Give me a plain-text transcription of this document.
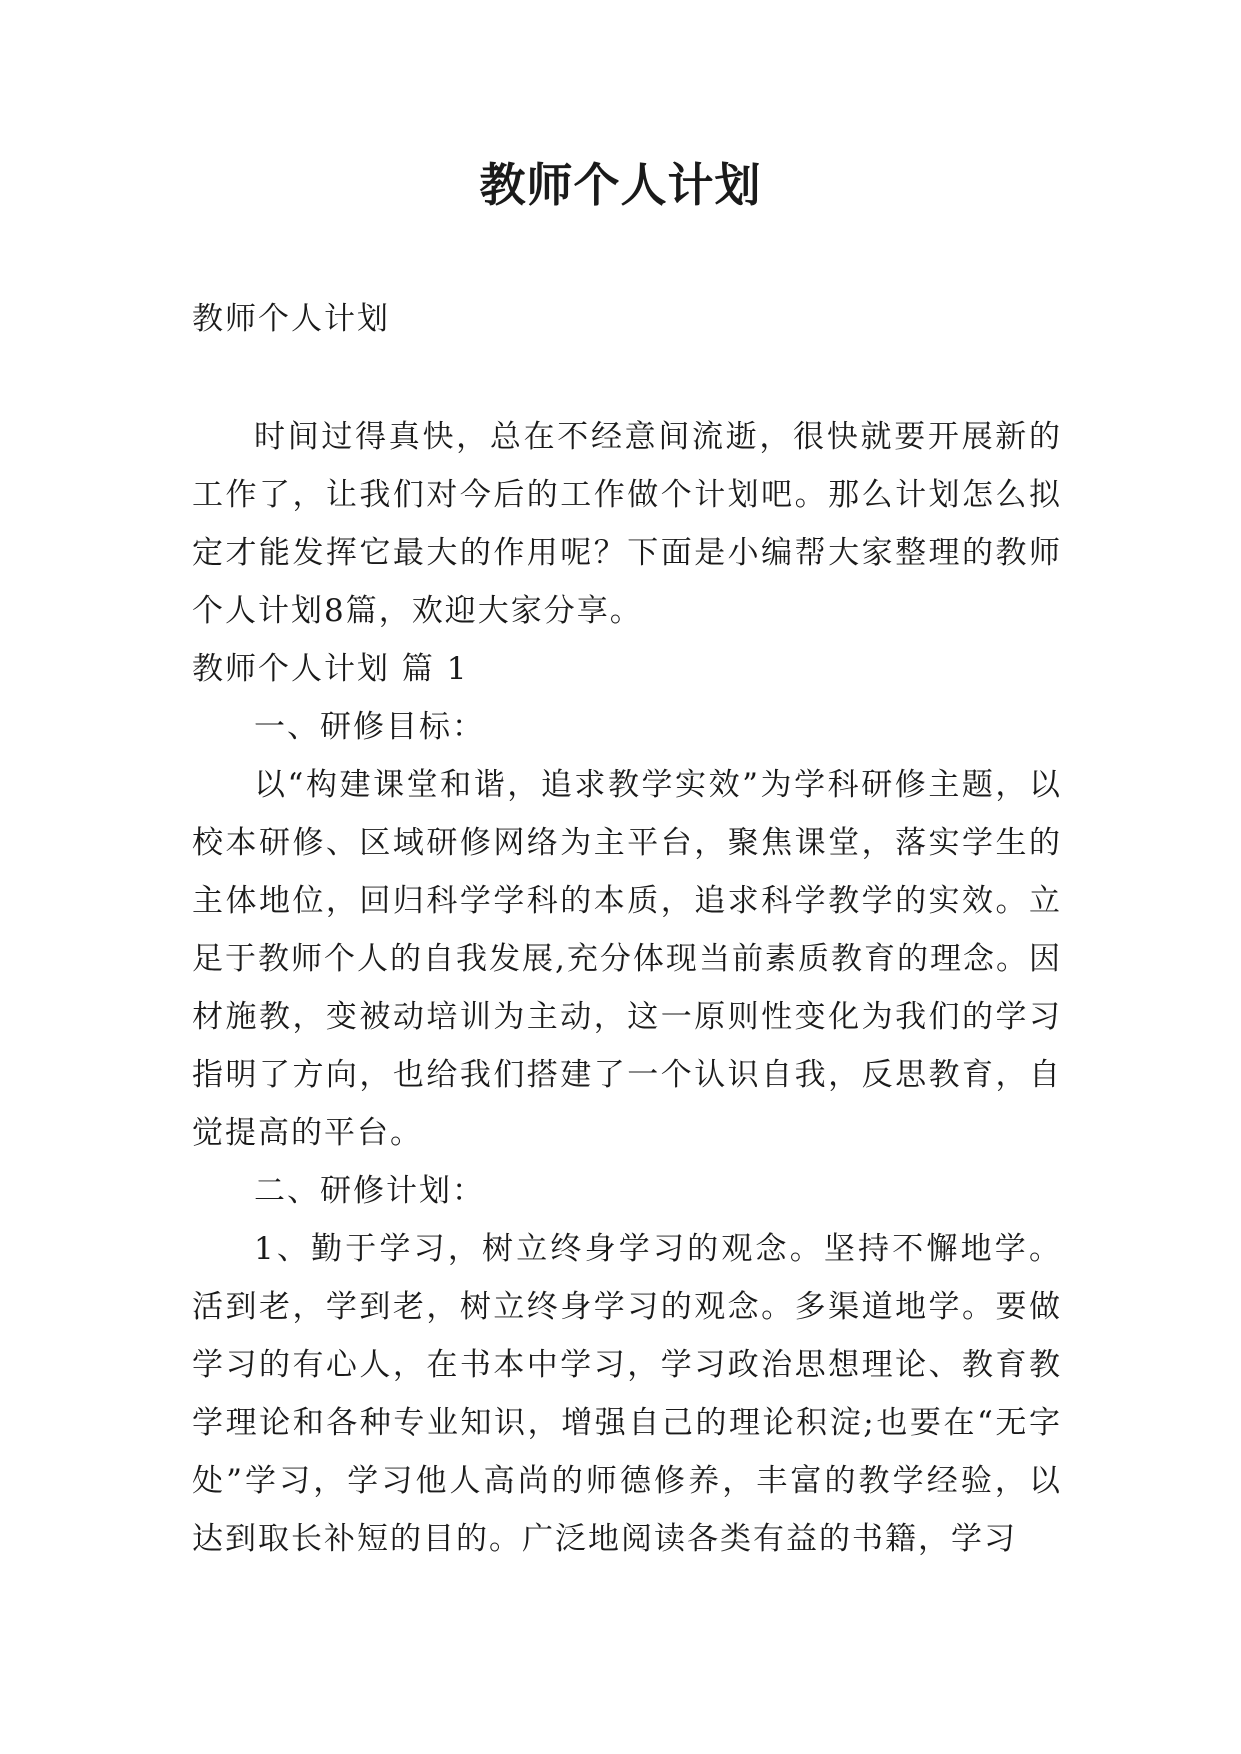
教师个人计划
教师个人计划

时间过得真快，总在不经意间流逝，很快就要开展新的工作了，让我们对今后的工作做个计划吧。那么计划怎么拟定才能发挥它最大的作用呢？下面是小编帮大家整理的教师个人计划8篇，欢迎大家分享。

教师个人计划 篇 1

一、研修目标：

以“构建课堂和谐，追求教学实效”为学科研修主题，以校本研修、区域研修网络为主平台，聚焦课堂，落实学生的主体地位，回归科学学科的本质，追求科学教学的实效。立足于教师个人的自我发展,充分体现当前素质教育的理念。因材施教，变被动培训为主动，这一原则性变化为我们的学习指明了方向，也给我们搭建了一个认识自我，反思教育，自觉提高的平台。

二、研修计划：

1、勤于学习，树立终身学习的观念。坚持不懈地学。活到老，学到老，树立终身学习的观念。多渠道地学。要做学习的有心人，在书本中学习，学习政治思想理论、教育教学理论和各种专业知识，增强自己的理论积淀;也要在“无字处”学习，学习他人高尚的师德修养，丰富的教学经验，以达到取长补短的目的。广泛地阅读各类有益的书籍，学习
